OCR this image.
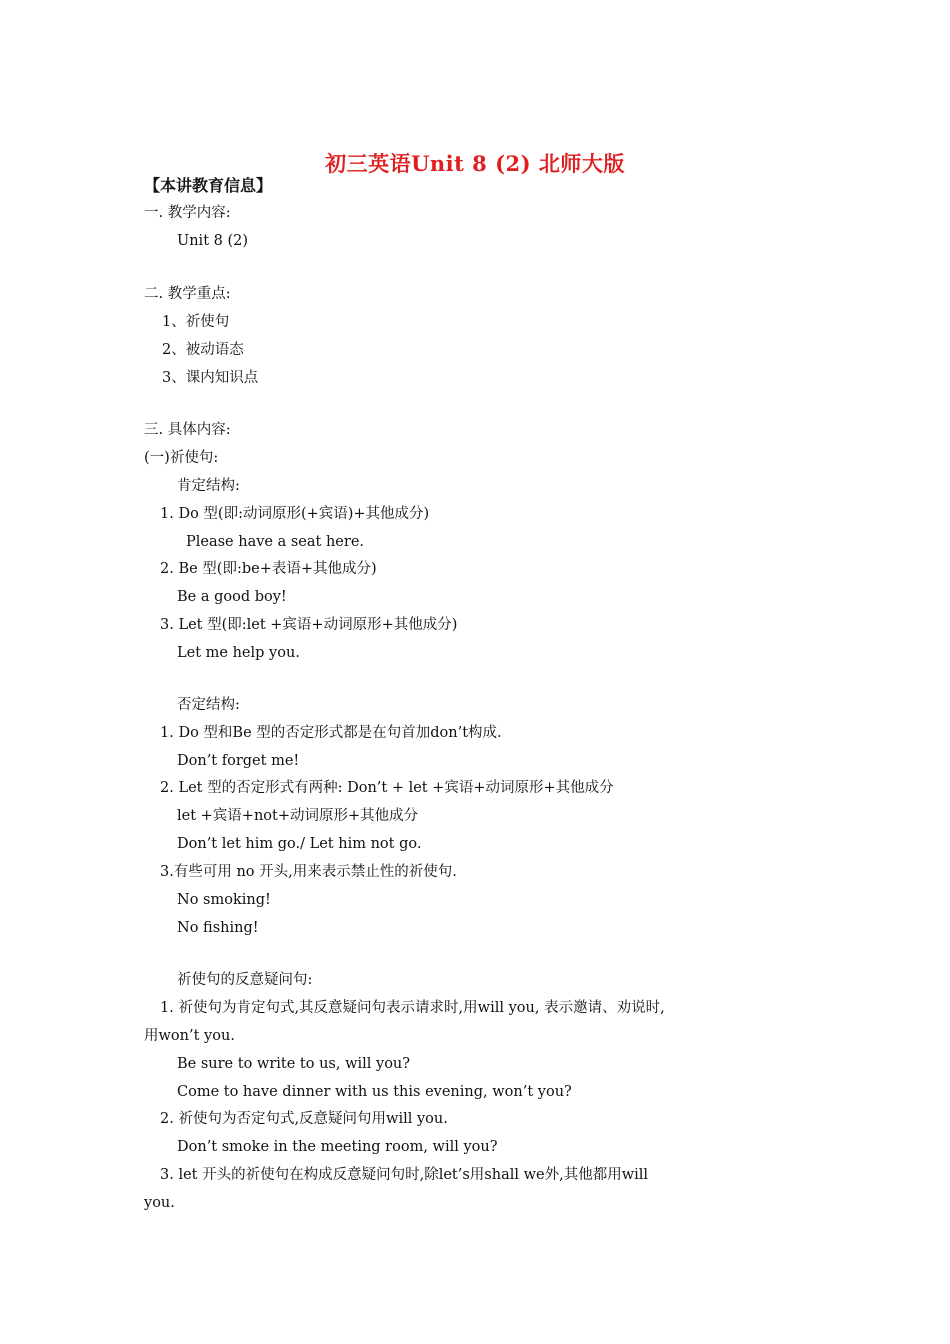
初三英语Unit 8 (2) 北师大版
【本讲教育信息】
一. 教学内容:
Unit 8 (2)
二. 教学重点:
1、祈使句
2、被动语态
3、课内知识点
三. 具体内容:
(一)祈使句:
肯定结构:
1. Do 型(即:动词原形(+宾语)+其他成分)
Please have a seat here.
2. Be 型(即:be+表语+其他成分)
Be a good boy!
3. Let 型(即:let +宾语+动词原形+其他成分)
Let me help you.
否定结构:
1. Do 型和Be 型的否定形式都是在句首加don’t构成.
Don’t forget me!
2. Let 型的否定形式有两种: Don’t + let +宾语+动词原形+其他成分
let +宾语+not+动词原形+其他成分
Don’t let him go./ Let him not go.
3.有些可用 no 开头,用来表示禁止性的祈使句.
No smoking!
No fishing!
祈使句的反意疑问句:
1. 祈使句为肯定句式,其反意疑问句表示请求时,用will you, 表示邀请、劝说时,
用won’t you.
Be sure to write to us, will you?
Come to have dinner with us this evening, won’t you?
2. 祈使句为否定句式,反意疑问句用will you.
Don’t smoke in the meeting room, will you?
3. let 开头的祈使句在构成反意疑问句时,除let’s用shall we外,其他都用will
you.
